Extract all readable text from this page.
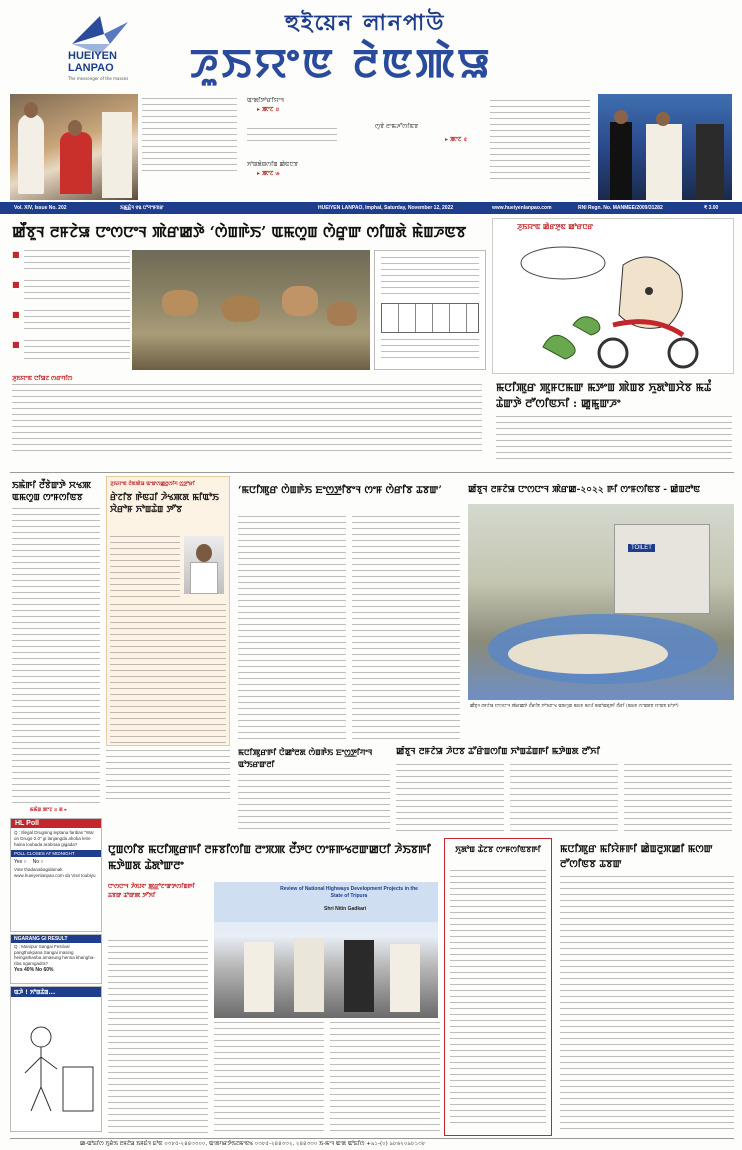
HUEIYEN
LANPAO
The messenger of the masses
হুইয়েন লানপাউ
ꯍꯨꯏꯌꯦꯟ ꯂꯥꯟꯄꯥꯎ
ꯑꯦꯗꯤꯇꯣꯔꯤꯌꯦꯜ
▸ ꯄꯦꯖ ৪
ꯈꯣꯡꯗꯥꯡꯁꯤꯡ ꯀꯥꯟꯅꯕ
▸ ꯄꯦꯖ ৬
ꯁꯨꯕꯥ ꯂꯦꯃꯍꯧꯁꯤꯟꯕ
▸ ꯄꯦꯖ ৫
Vol. XIV, Issue No. 202	ꯏꯃ꯭ꯐꯥꯜ ꯱꯲ ꯅꯣꯚꯦꯝꯕꯔ	HUEIYEN LANPAO, Imphal, Saturday, November 12, 2022	www.hueiyenlanpao.com	RNI Regn. No. MANMEE/2009/31282	₹ 3.00
ꯀꯩꯕꯨꯜ ꯂꯝꯖꯥꯎ ꯅꯦꯁꯅꯦꯜ ꯄꯥꯔꯀꯇꯥ ‘ꯁꯥꯡꯒꯥꯏ’ ꯑꯃꯁꯨꯡ ꯁꯥꯔꯨꯛ ꯁꯤꯡꯗꯥ ꯃꯥꯡꯍꯟꯕ
■
■
■
■
ꯍꯨꯏꯌꯦꯟ ꯅꯤꯎꯖ ꯁꯔꯚꯤꯁ
ꯍꯨꯏꯌꯦꯟ ꯀꯥꯔꯇꯨꯟ ꯀꯣꯔꯅꯔ
ꯃꯅꯤꯄꯨꯔ ꯄꯨꯝꯅꯃꯛ ꯃꯇꯦꯡ ꯄꯥꯡꯕ ꯈꯨꯗꯣꯡꯆꯥꯕ ꯃꯊꯪ ꯊꯥꯛꯇꯥ ꯂꯧꯁꯤꯟꯈꯤ : ꯀꯨꯃꯨꯛꯍꯦ
ꯏꯃꯥꯒꯤ ꯂꯩꯕꯥꯛꯇꯥ ꯆꯠꯄ ꯑꯃꯁꯨꯡ ꯁꯦꯝꯁꯤꯟꯕ
ꯃꯃꯥꯡ ꯄꯦꯖ ৪ ꯗ ▸
ꯍꯨꯏꯌꯦꯟ ꯂꯥꯟꯄꯥꯎ ꯑꯦꯛꯁꯀ꯭ꯂꯨꯁꯤꯚ ꯁ꯭ꯇꯣꯔꯤ
ꯔꯥꯖꯤꯕ ꯒꯥꯟꯙꯤ ꯍꯥꯠꯄꯗ ꯃꯤꯑꯣꯏ ꯆꯥꯔꯣꯝ ꯈꯣꯡꯊꯥꯡ ꯇꯧꯕ
‘ꯃꯅꯤꯄꯨꯔ ꯁꯥꯡꯒꯥꯏ ꯐꯦꯁ꯭ꯇꯤꯕꯦꯜ ꯁꯦꯝ ꯁꯥꯔꯤꯕ ꯊꯕꯛ’	ꯀꯩꯕꯨꯜ ꯂꯝꯖꯥꯎ ꯅꯦꯁꯅꯦꯜ ꯄꯥꯔꯀ-২০২২ ꯒꯤ ꯁꯦꯝꯁꯤꯟꯕ - ꯀꯥꯡꯂꯣꯟ
TOILET
ꯀꯩꯕꯨꯜ ꯂꯝꯖꯥꯎ ꯅꯦꯁꯅꯦꯜ ꯄꯥꯔꯀꯇꯥ ꯂꯩꯔꯤꯕ ꯇꯣꯏꯂꯦꯠ ꯑꯃꯁꯨꯡ ꯃꯐꯝ ꯃꯁꯤ ꯃꯑꯣꯡꯗꯨꯒꯤ ꯂꯩꯔꯤ (ꯃꯐꯝ ꯁꯦꯡꯗꯕ ꯌꯦꯡꯕ ꯐꯣꯇꯣ)
ꯃꯅꯤꯄꯨꯔꯒꯤ ꯅꯥꯀꯣꯂꯗ ꯁꯥꯡꯒꯥꯏ ꯐꯦꯁ꯭ꯇꯤꯚꯦꯜ ꯑꯣꯏꯔꯛꯂꯤ
ꯀꯩꯕꯨꯜ ꯂꯝꯖꯥꯎ ꯍꯥꯅꯕ ꯊꯧꯔꯥꯡꯁꯤꯡ ꯈꯣꯡꯊꯥꯡꯒꯤ ꯃꯇꯥꯡꯗ ꯂꯧꯈꯤ
HL Poll
Q : Illegal Drugsing leptana faribas "War on Drugs-2.0" gi lanjangda ahoba leire haina loubada arabnaa gigada?
POLL CLOSES AT MIDNIGHT
Yes ○ No ○
Vote thadanabagidamak www.hueiyenlanpao.com da Visit toubiyu
NGARANG GI RESULT
Q : Manipur Sangai Festival pangthokpana Sangai masing heingathanba amasung henna khangha-nba ngamgadra?
Yes 40% No 60%
ꯑꯍꯥ ! ꯈꯣꯡꯊꯥꯡ...
ꯅꯨꯡꯁꯤꯕ ꯃꯅꯤꯄꯨꯔꯒꯤ ꯂꯝꯕꯤꯁꯤꯡ ꯂꯦꯞꯄ ꯂꯩꯇꯅ ꯁꯦꯝꯒꯠꯂꯛꯀꯅꯤ ꯍꯥꯏꯕꯒꯤ ꯃꯇꯥꯡꯗ ꯊꯥꯗꯣꯛꯂꯦ
ꯅꯦꯁꯅꯦꯜ ꯍꯥꯏꯋꯦ ꯄ꯭ꯔꯣꯖꯦꯛꯇꯁꯤꯡꯒꯤ ꯊꯕꯛ ꯊꯣꯛꯄ ꯇꯧꯈꯤ
Review of National Highways Development Projects in the State of Tripura
Shri Nitin Gadkari
ꯈꯨꯗꯣꯡ ꯊꯥꯖꯕ ꯁꯦꯝꯁꯤꯟꯕꯒꯤ	ꯃꯅꯤꯄꯨꯔ ꯃꯤꯌꯥꯝꯒꯤ ꯀꯥꯡꯂꯨꯞꯀꯤ ꯃꯁꯛ ꯂꯧꯁꯤꯟꯕ ꯊꯕꯛ
ꯀ-ꯑꯣꯐꯤꯁ ꯈꯨꯔꯥꯏ ꯂꯝꯖꯥꯎ ꯏꯝꯐꯥꯜ ꯐꯣꯟ ০৩৮৫-২৪৪৩৩০০, ꯑꯦꯗꯚꯔꯇꯥꯏꯖꯃꯦꯟꯠ ০৩৮৫-২৪৪৩৩২, ২৪৪৩৩০ ꯏ-ꯃꯦꯜ ꯑꯦꯗ ꯑꯣꯐꯤꯁ +৯১-(০) ৯৮৬২০৯৮১৩৮
